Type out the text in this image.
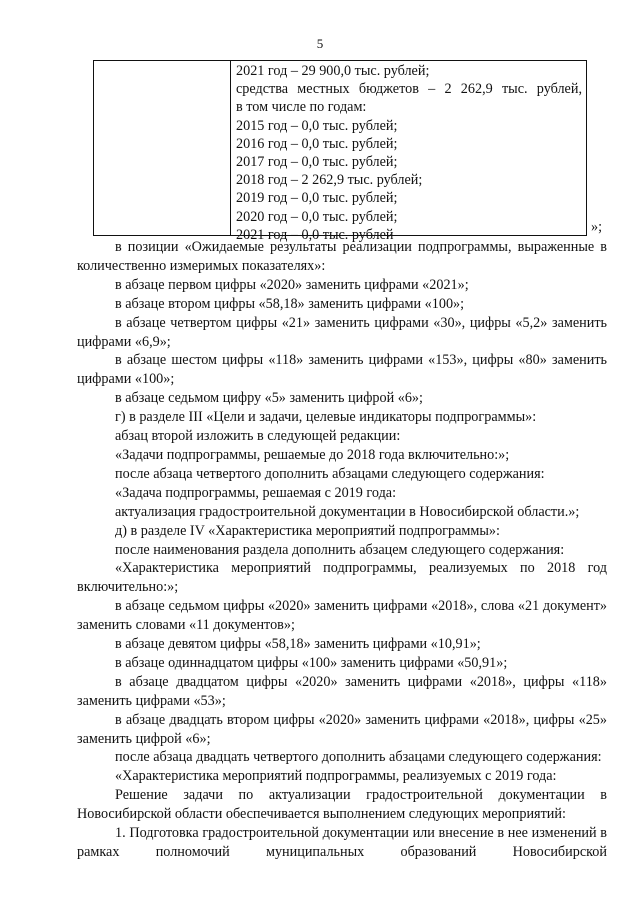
5
2021 год – 29 900,0 тыс. рублей;
средства местных бюджетов – 2 262,9 тыс. рублей,
в том числе по годам:
2015 год – 0,0 тыс. рублей;
2016 год – 0,0 тыс. рублей;
2017 год – 0,0 тыс. рублей;
2018 год – 2 262,9 тыс. рублей;
2019 год – 0,0 тыс. рублей;
2020 год – 0,0 тыс. рублей;
2021 год – 0,0 тыс. рублей	»;

в позиции «Ожидаемые результаты реализации подпрограммы, выраженные в количественно измеримых показателях»:

в абзаце первом цифры «2020» заменить цифрами «2021»;

в абзаце втором цифры «58,18» заменить цифрами «100»;

в абзаце четвертом цифры «21» заменить цифрами «30», цифры «5,2» заменить цифрами «6,9»;

в абзаце шестом цифры «118» заменить цифрами «153», цифры «80» заменить цифрами «100»;

в абзаце седьмом цифру «5» заменить цифрой «6»;

г) в разделе III «Цели и задачи, целевые индикаторы подпрограммы»:

абзац второй изложить в следующей редакции:

«Задачи подпрограммы, решаемые до 2018 года включительно:»;

после абзаца четвертого дополнить абзацами следующего содержания:

«Задача подпрограммы, решаемая с 2019 года:

актуализация градостроительной документации в Новосибирской области.»;

д) в разделе IV «Характеристика мероприятий подпрограммы»:

после наименования раздела дополнить абзацем следующего содержания:

«Характеристика мероприятий подпрограммы, реализуемых по 2018 год включительно:»;

в абзаце седьмом цифры «2020» заменить цифрами «2018», слова «21 документ» заменить словами «11 документов»;

в абзаце девятом цифры «58,18» заменить цифрами «10,91»;

в абзаце одиннадцатом цифры «100» заменить цифрами «50,91»;

в абзаце двадцатом цифры «2020» заменить цифрами «2018», цифры «118» заменить цифрами «53»;

в абзаце двадцать втором цифры «2020» заменить цифрами «2018», цифры «25» заменить цифрой «6»;

после абзаца двадцать четвертого дополнить абзацами следующего содержания:

«Характеристика мероприятий подпрограммы, реализуемых с 2019 года:

Решение задачи по актуализации градостроительной документации в Новосибирской области обеспечивается выполнением следующих мероприятий:

1. Подготовка градостроительной документации или внесение в нее изменений в рамках полномочий муниципальных образований Новосибирской
